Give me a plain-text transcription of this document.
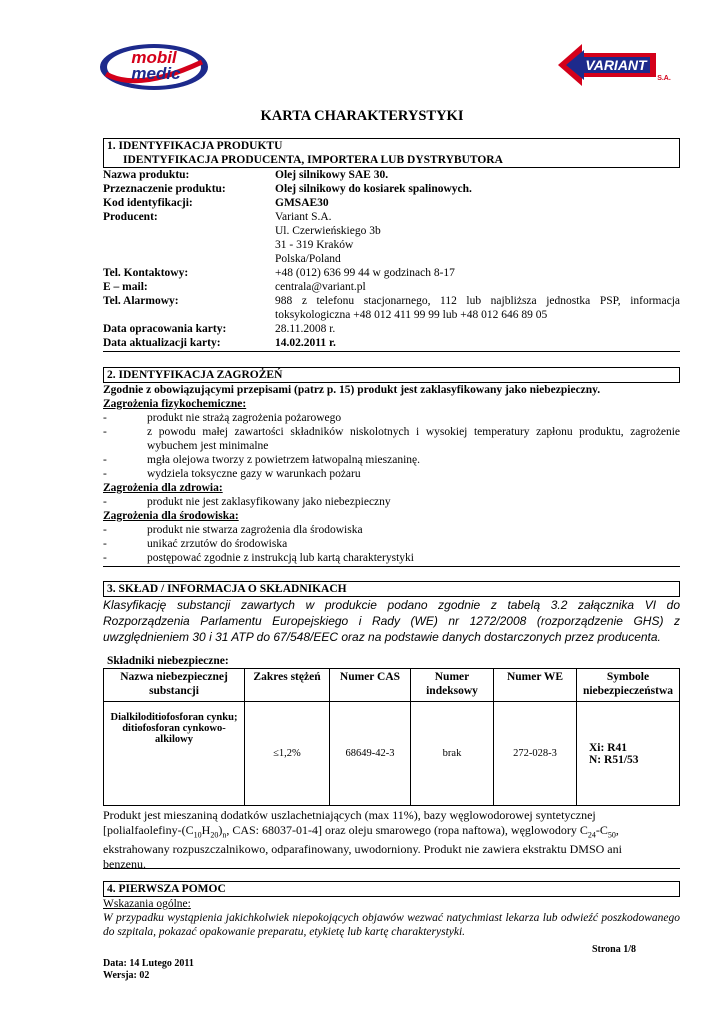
mobil
medic	VARIANT
S.A.
KARTA CHARAKTERYSTYKI
1. IDENTYFIKACJA PRODUKTU
IDENTYFIKACJA PRODUCENTA, IMPORTERA LUB DYSTRYBUTORA
Nazwa produktu:	Olej silnikowy SAE 30.
Przeznaczenie produktu:	Olej silnikowy do kosiarek spalinowych.
Kod identyfikacji:	GMSAE30
Producent:	Variant S.A.
Ul. Czerwieńskiego 3b
31 - 319 Kraków
Polska/Poland
Tel. Kontaktowy:	+48 (012) 636 99 44 w godzinach 8-17
E – mail:	centrala@variant.pl
Tel. Alarmowy:	988 z telefonu stacjonarnego, 112 lub najbliższa jednostka PSP, informacja
toksykologiczna +48 012 411 99 99 lub +48 012 646 89 05
Data opracowania karty:	28.11.2008 r.
Data aktualizacji karty:	14.02.2011 r.
2. IDENTYFIKACJA ZAGROŻEŃ
Zgodnie z obowiązującymi przepisami (patrz p. 15) produkt jest zaklasyfikowany jako niebezpieczny.
Zagrożenia fizykochemiczne:
-	produkt nie strażą zagrożenia pożarowego
-	z powodu małej zawartości składników niskolotnych i wysokiej temperatury zapłonu produktu, zagrożenie
wybuchem jest minimalne
-	mgła olejowa tworzy z powietrzem łatwopalną mieszaninę.
-	wydziela toksyczne gazy w warunkach pożaru
Zagrożenia dla zdrowia:
-	produkt nie jest zaklasyfikowany jako niebezpieczny
Zagrożenia dla środowiska:
-	produkt nie stwarza zagrożenia dla środowiska
-	unikać zrzutów do środowiska
-	postępować zgodnie z instrukcją lub kartą charakterystyki
3. SKŁAD / INFORMACJA O SKŁADNIKACH
Klasyfikację substancji zawartych w produkcie podano zgodnie z tabelą 3.2 załącznika VI do Rozporządzenia Parlamentu Europejskiego i Rady (WE) nr 1272/2008 (rozporządzenie GHS) z uwzględnieniem 30 i 31 ATP do 67/548/EEC oraz na podstawie danych dostarczonych przez producenta.
Składniki niebezpieczne:
Nazwa niebezpiecznej substancji	Zakres stężeń	Numer CAS	Numer indeksowy	Numer WE	Symbole niebezpieczeństwa
Dialkiloditiofosforan cynku; ditiofosforan cynkowo-alkilowy	≤1,2%	68649-42-3	brak	272-028-3	Xi: R41
N: R51/53
Produkt jest mieszaniną dodatków uszlachetniających (max 11%), bazy węglowodorowej syntetycznej
[$polialfaolefiny-(C_{10}H_{20})_n$, CAS: 68037-01-4] oraz oleju smarowego (ropa naftowa), węglowodory $C_{24}-C_{50}$,
ekstrahowany rozpuszczalnikowo, odparafinowany, uwodorniony. Produkt nie zawiera ekstraktu DMSO ani
benzenu.
4. PIERWSZA POMOC
Wskazania ogólne:
W przypadku wystąpienia jakichkolwiek niepokojących objawów wezwać natychmiast lekarza lub odwieźć poszkodowanego do szpitala, pokazać opakowanie preparatu, etykietę lub kartę charakterystyki.
Strona 1/8
Data: 14 Lutego 2011
Wersja: 02
